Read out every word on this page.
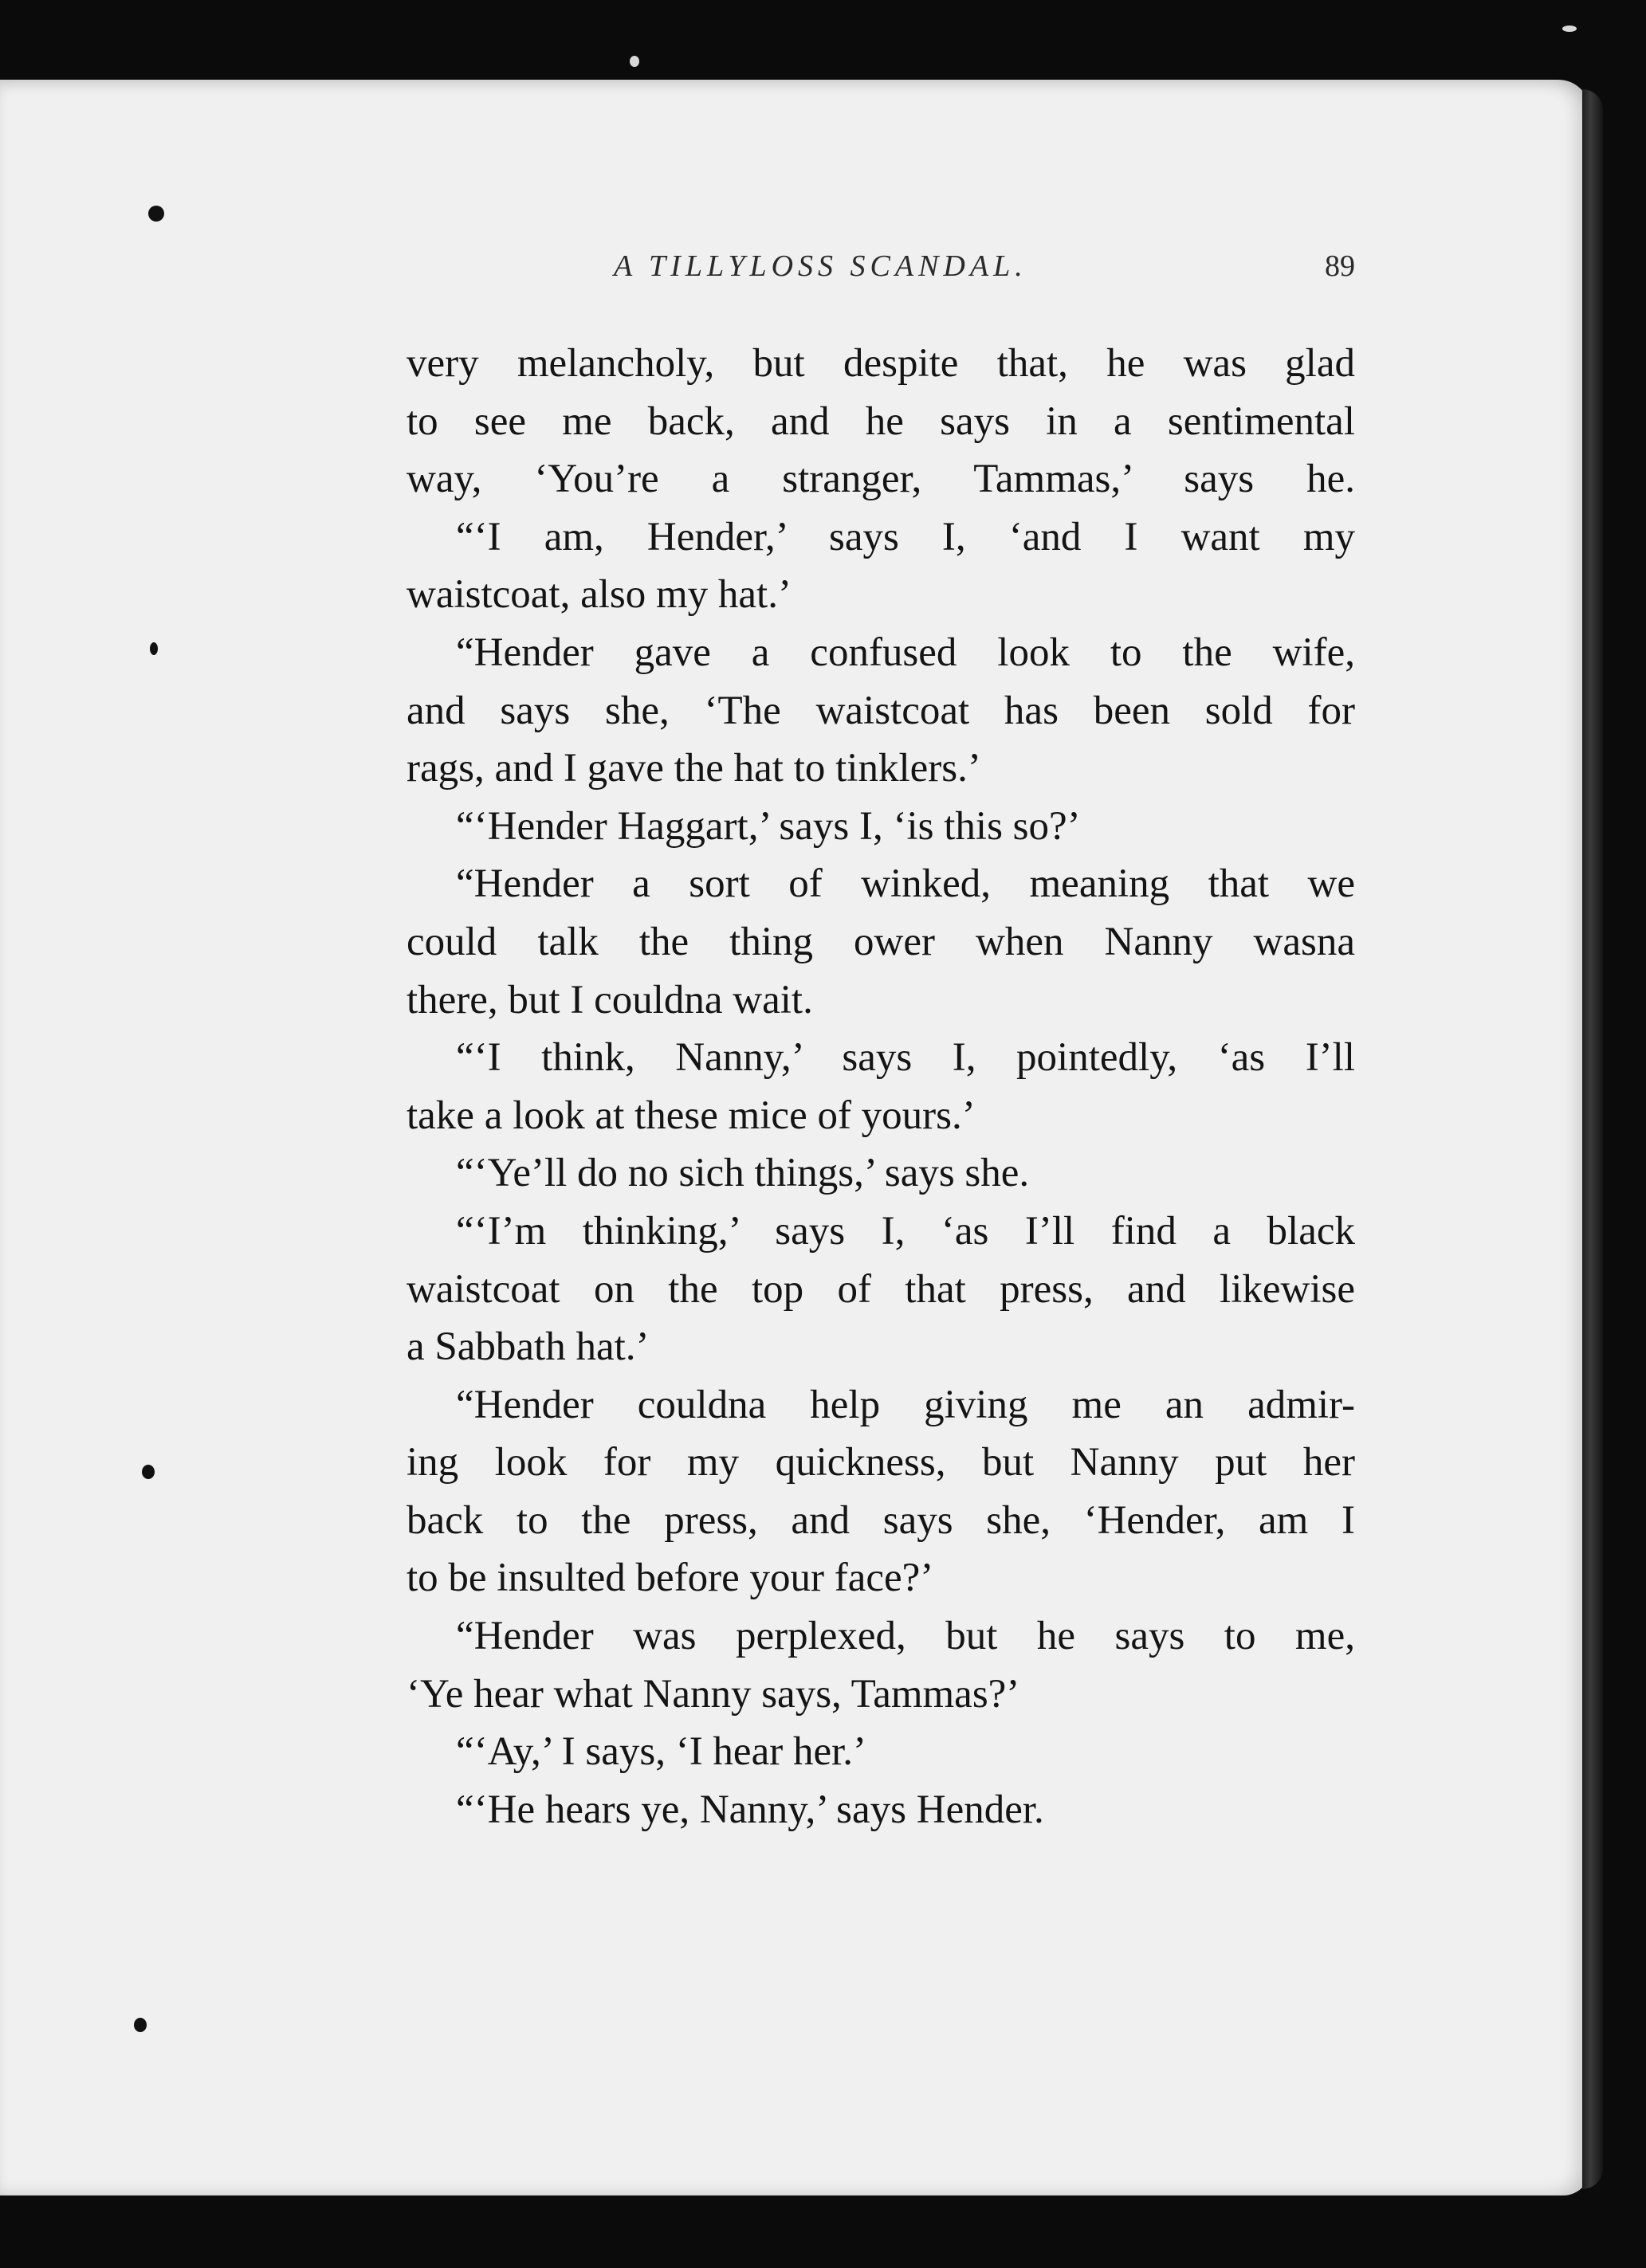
A TILLYLOSS SCANDAL.	89
very melancholy, but despite that, he was glad
to see me back, and he says in a sentimental
way, ‘You’re a stranger, Tammas,’ says he.
“‘I am, Hender,’ says I, ‘and I want my
waistcoat, also my hat.’
“Hender gave a confused look to the wife,
and says she, ‘The waistcoat has been sold for
rags, and I gave the hat to tinklers.’
“‘Hender Haggart,’ says I, ‘is this so?’
“Hender a sort of winked, meaning that we
could talk the thing ower when Nanny wasna
there, but I couldna wait.
“‘I think, Nanny,’ says I, pointedly, ‘as I’ll
take a look at these mice of yours.’
“‘Ye’ll do no sich things,’ says she.
“‘I’m thinking,’ says I, ‘as I’ll find a black
waistcoat on the top of that press, and likewise
a Sabbath hat.’
“Hender couldna help giving me an admir-
ing look for my quickness, but Nanny put her
back to the press, and says she, ‘Hender, am I
to be insulted before your face?’
“Hender was perplexed, but he says to me,
‘Ye hear what Nanny says, Tammas?’
“‘Ay,’ I says, ‘I hear her.’
“‘He hears ye, Nanny,’ says Hender.
